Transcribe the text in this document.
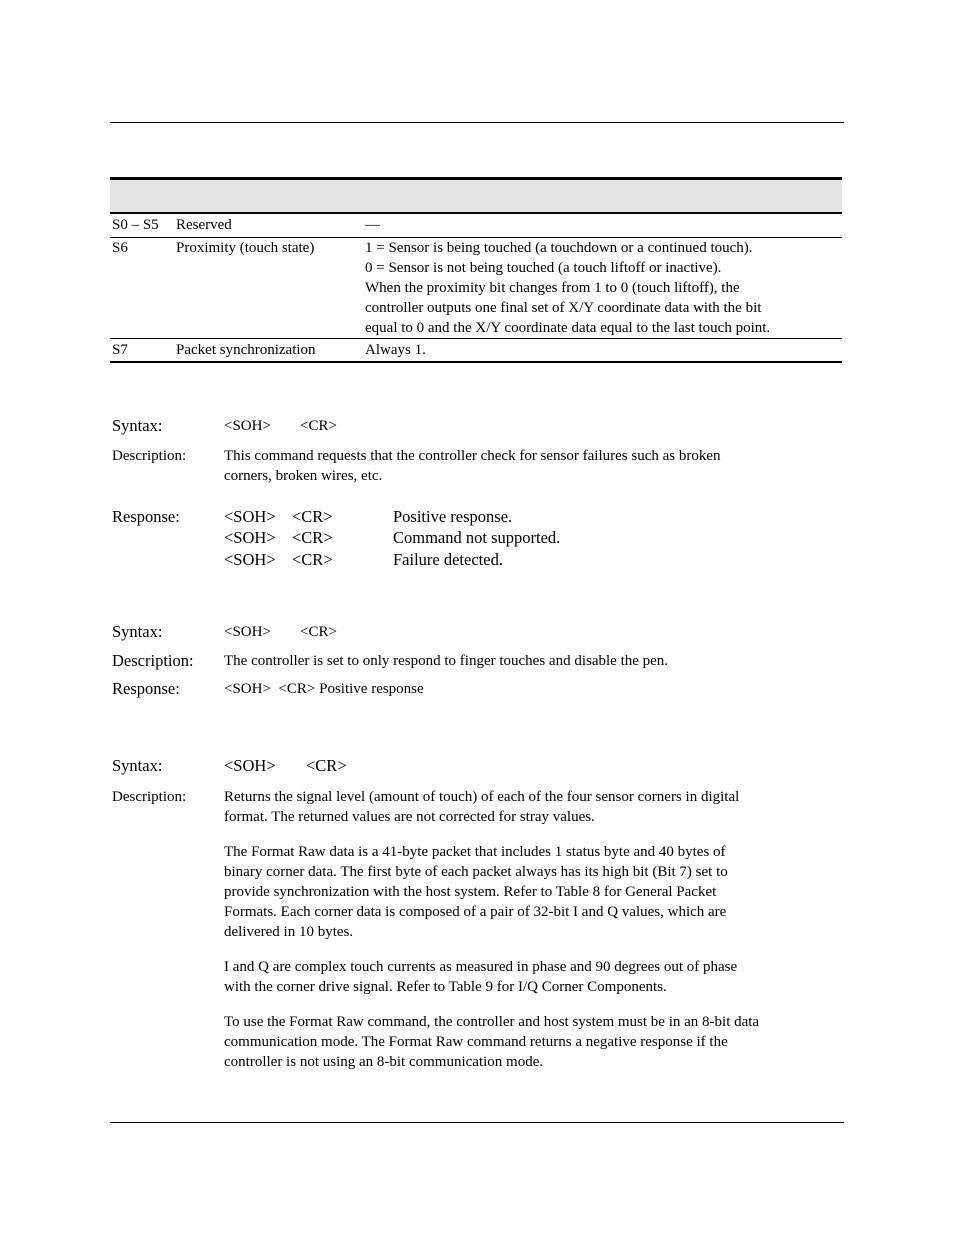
S0 – S5 Reserved	—
S6	Proximity (touch state)	1 = Sensor is being touched (a touchdown or a continued touch).
0 = Sensor is not being touched (a touch liftoff or inactive).
When the proximity bit changes from 1 to 0 (touch liftoff), the
controller outputs one final set of X/Y coordinate data with the bit
equal to 0 and the X/Y coordinate data equal to the last touch point.
S7	Packet synchronization	Always 1.
Syntax:	<SOH> <CR>
Description:	This command requests that the controller check for sensor failures such as broken
corners, broken wires, etc.
Response:	<SOH> <CR>	Positive response.
<SOH> <CR>	Command not supported.
<SOH> <CR>	Failure detected.
Syntax:	<SOH> <CR>
Description: The controller is set to only respond to finger touches and disable the pen.
Response:	<SOH>  <CR> Positive response
Syntax:	<SOH> <CR>
Description:	Returns the signal level (amount of touch) of each of the four sensor corners in digital
format. The returned values are not corrected for stray values.
The Format Raw data is a 41-byte packet that includes 1 status byte and 40 bytes of
binary corner data. The first byte of each packet always has its high bit (Bit 7) set to
provide synchronization with the host system. Refer to Table 8 for General Packet
Formats. Each corner data is composed of a pair of 32-bit I and Q values, which are
delivered in 10 bytes.
I and Q are complex touch currents as measured in phase and 90 degrees out of phase
with the corner drive signal. Refer to Table 9 for I/Q Corner Components.
To use the Format Raw command, the controller and host system must be in an 8-bit data
communication mode. The Format Raw command returns a negative response if the
controller is not using an 8-bit communication mode.
